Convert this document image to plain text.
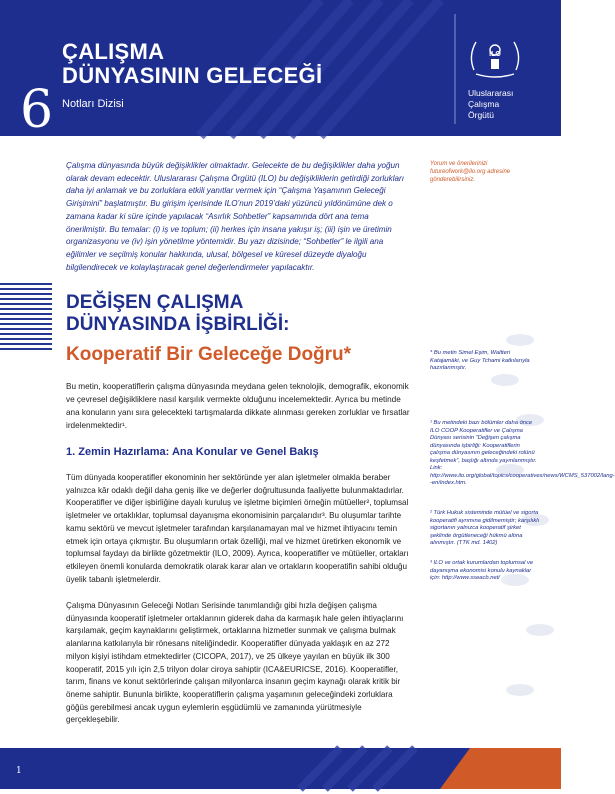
6
ÇALIŞMA
DÜNYASININ GELECEĞİ
Notları Dizisi
ILO
Uluslararası
Çalışma
Örgütü
Çalışma dünyasında büyük değişiklikler olmaktadır. Gelecekte de bu değişiklikler daha yoğun olarak devam edecektir. Uluslararası Çalışma Örgütü (ILO) bu değişikliklerin getirdiği zorlukları daha iyi anlamak ve bu zorluklara etkili yanıtlar vermek için “Çalışma Yaşamının Geleceği Girişimini” başlatmıştır. Bu girişim içerisinde ILO’nun 2019’daki yüzüncü yıldönümüne dek o zamana kadar ki süre içinde yapılacak “Asırlık Sohbetler” kapsamında dört ana tema önerilmiştir. Bu temalar: (i) iş ve toplum; (ii) herkes için insana yakışır iş; (iii) işin ve üretimin organizasyonu ve (iv) işin yönetilme yöntemidir. Bu yazı dizisinde; “Sohbetler” le ilgili ana eğilimler ve seçilmiş konular hakkında, ulusal, bölgesel ve küresel düzeyde diyaloğu bilgilendirecek ve kolaylaştıracak genel değerlendirmeler yapılacaktır.
Yorum ve önerilerinizi futureofwork@ilo.org adresine gönderebilirsiniz.
DEĞİŞEN ÇALIŞMA
DÜNYASINDA İŞBİRLİĞİ:
Kooperatif Bir Geleceğe Doğru*
Bu metin, kooperatiflerin çalışma dünyasında meydana gelen teknolojik, demografik, ekonomik ve çevresel değişikliklere nasıl karşılık vermekte olduğunu incelemektedir. Ayrıca bu metinde ana konuların yanı sıra gelecekteki tartışmalarda dikkate alınması gereken zorluklar ve fırsatlar irdelenmektedir¹.
1. Zemin Hazırlama: Ana Konular ve Genel Bakış
Tüm dünyada kooperatifler ekonominin her sektöründe yer alan işletmeler olmakla beraber yalnızca kâr odaklı değil daha geniş ilke ve değerler doğrultusunda faaliyette bulunmaktadırlar. Kooperatifler ve diğer işbirliğine dayalı kuruluş ve işletme biçimleri örneğin mütüeller², toplumsal işletmeler ve ortaklıklar, toplumsal dayanışma ekonomisinin parçalarıdır³. Bu oluşumlar tarihte kamu sektörü ve mevcut işletmeler tarafından karşılanamayan mal ve hizmet ihtiyacını temin etmek için ortaya çıkmıştır. Bu oluşumların ortak özelliği, mal ve hizmet üretirken ekonomik ve toplumsal faydayı da birlikte gözetmektir (ILO, 2009). Ayrıca, kooperatifler ve mütüeller, ortakları etkileyen önemli konularda demokratik olarak karar alan ve ortakların kooperatifin sahibi olduğu üyelik tabanlı işletmelerdir.
Çalışma Dünyasının Geleceği Notları Serisinde tanımlandığı gibi hızla değişen çalışma dünyasında kooperatif işletmeler ortaklarının giderek daha da karmaşık hale gelen ihtiyaçlarını karşılamak, geçim kaynaklarını geliştirmek, ortaklarına hizmetler sunmak ve çalışma bulmak alanlarına katkılarıyla bir rönesans niteliğindedir. Kooperatifler dünyada yaklaşık en az 272 milyon kişiyi istihdam etmektedirler (CICOPA, 2017), ve 25 ülkeye yayılan en büyük ilk 300 kooperatif, 2015 yılı için 2,5 trilyon dolar ciroya sahiptir (ICA&EURICSE, 2016). Kooperatifler, tarım, finans ve konut sektörlerinde çalışan milyonlarca insanın geçim kaynağı olarak kritik bir öneme sahiptir. Bununla birlikte, kooperatiflerin çalışma yaşamının geleceğindeki zorluklara göğüs gerebilmesi ancak uygun eylemlerin eşgüdümlü ve zamanında yürütmesiyle gerçekleşebilir.
* Bu metin Simel Eşim, Waltteri Katajamäki, ve Guy Tchami katkılarıyla hazırlanmıştır.
¹ Bu metindeki bazı bölümler daha önce ILO COOP Kooperatifler ve Çalışma Dünyası serisinin “Değişen çalışma dünyasında işbirliği: Kooperatiflerin çalışma dünyasının geleceğindeki rolünü keşfetmek”, başlığı altında yayınlanmıştır. Link: http://www.ilo.org/global/topics/cooperatives/news/WCMS_537002/lang--en/index.htm.
² Türk Hukuk sisteminde mütüel ve sigorta kooperatifi ayrımına gidilmemiştir; karşılıklı sigortanın yalnızca kooperatif şirket şeklinde örgütleneceği hükmü altına alınmıştır. (TTK md. 1402)
³ ILO ve ortak kurumlardan toplumsal ve dayanışma ekonomisi konulu kaynaklar için: http://www.sseacb.net/
1
